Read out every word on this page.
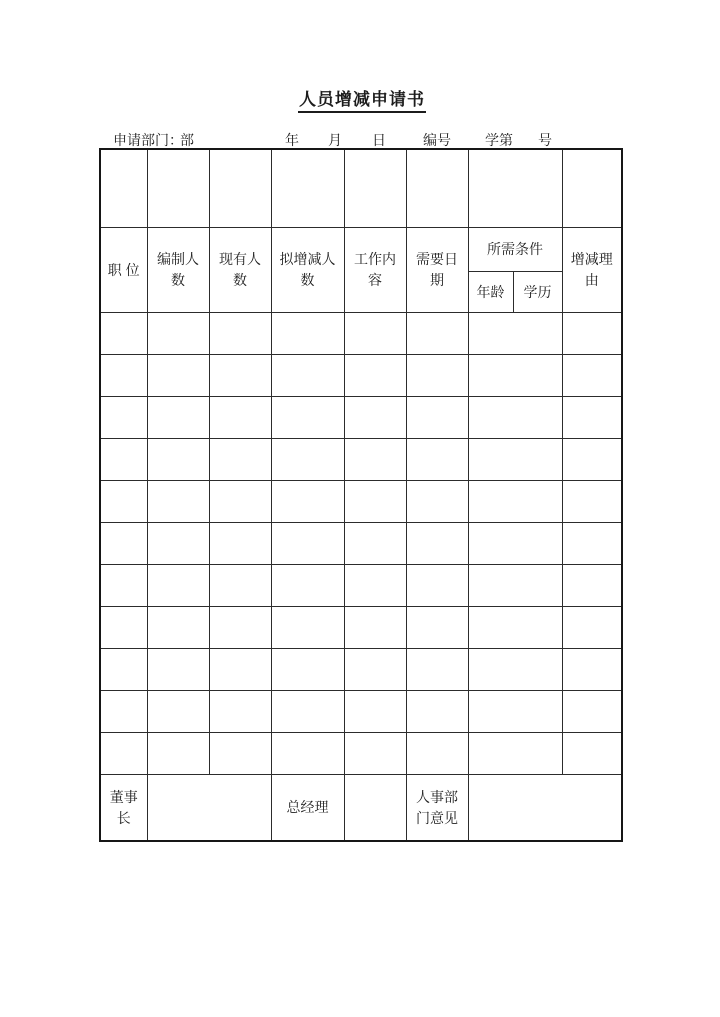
人员增减申请书
申请部门：
部	年 月 日	编号 学第 号

职 位	编制人数	现有人数	拟增减人数	工作内容	需要日期	所需条件		增减理由
						年龄	学历	

董事长			总经理		人事部门意见			
